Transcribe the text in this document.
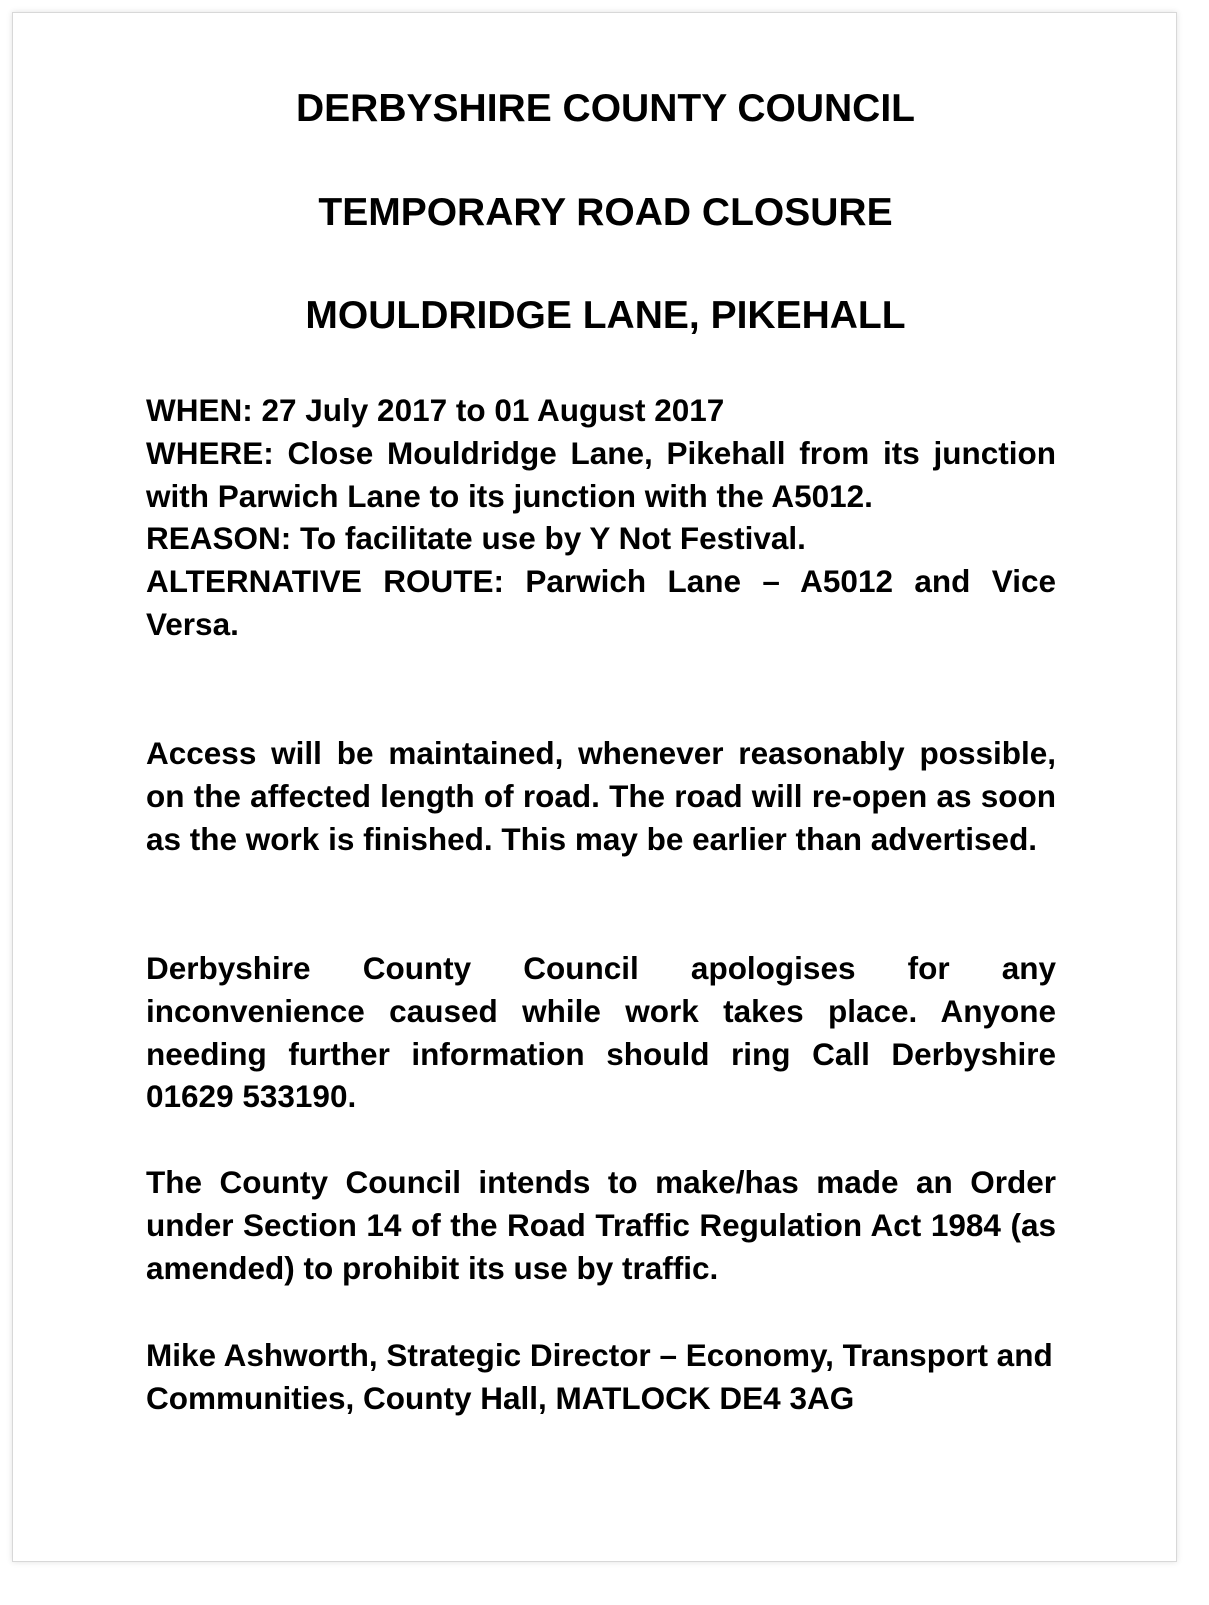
DERBYSHIRE COUNTY COUNCIL
TEMPORARY ROAD CLOSURE
MOULDRIDGE LANE, PIKEHALL
WHEN: 27 July 2017 to 01 August 2017
WHERE: Close Mouldridge Lane, Pikehall from its junction with Parwich Lane to its junction with the A5012.
REASON: To facilitate use by Y Not Festival.
ALTERNATIVE ROUTE: Parwich Lane – A5012 and Vice Versa.

Access will be maintained, whenever reasonably possible, on the affected length of road. The road will re-open as soon as the work is finished. This may be earlier than advertised.

Derbyshire County Council apologises for any inconvenience caused while work takes place. Anyone needing further information should ring Call Derbyshire 01629 533190.

The County Council intends to make/has made an Order under Section 14 of the Road Traffic Regulation Act 1984 (as amended) to prohibit its use by traffic.

Mike Ashworth, Strategic Director – Economy, Transport and Communities, County Hall, MATLOCK DE4 3AG
